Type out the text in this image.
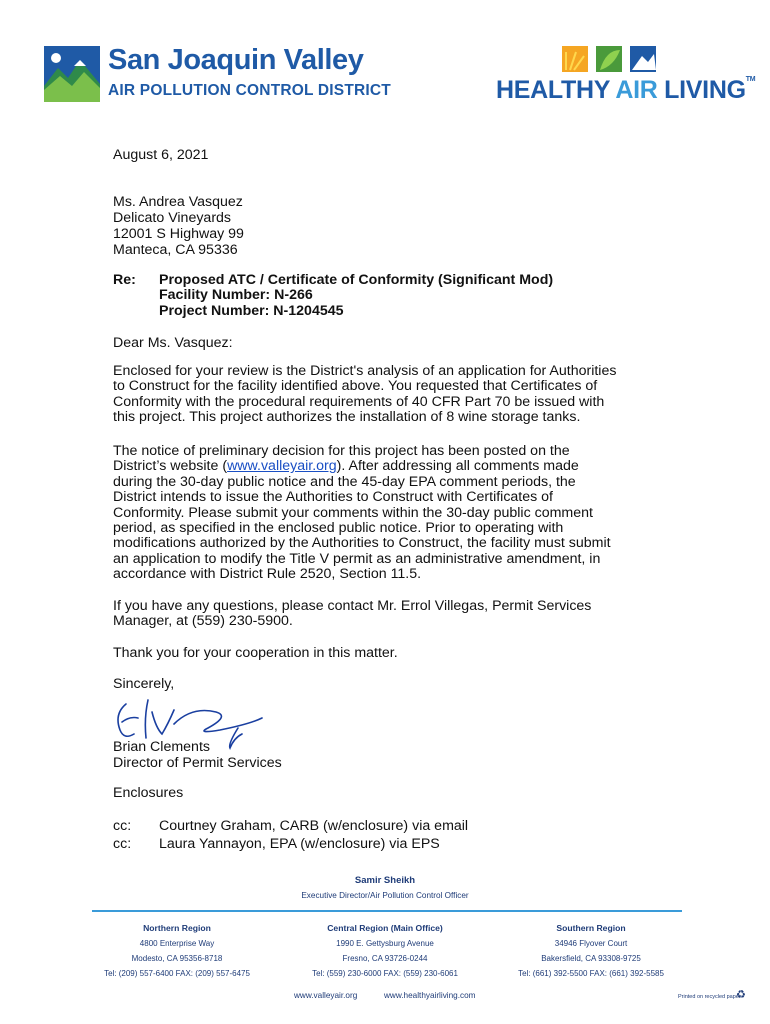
San Joaquin Valley
AIR POLLUTION CONTROL DISTRICT	HEALTHY AIR LIVING™
August 6, 2021
Ms. Andrea Vasquez
Delicato Vineyards
12001 S Highway 99
Manteca, CA 95336
Re: Proposed ATC / Certificate of Conformity (Significant Mod)
Facility Number: N-266
Project Number: N-1204545
Dear Ms. Vasquez:
Enclosed for your review is the District's analysis of an application for Authorities
to Construct for the facility identified above. You requested that Certificates of
Conformity with the procedural requirements of 40 CFR Part 70 be issued with
this project. This project authorizes the installation of 8 wine storage tanks.
The notice of preliminary decision for this project has been posted on the
District’s website (www.valleyair.org). After addressing all comments made
during the 30-day public notice and the 45-day EPA comment periods, the
District intends to issue the Authorities to Construct with Certificates of
Conformity. Please submit your comments within the 30-day public comment
period, as specified in the enclosed public notice. Prior to operating with
modifications authorized by the Authorities to Construct, the facility must submit
an application to modify the Title V permit as an administrative amendment, in
accordance with District Rule 2520, Section 11.5.
If you have any questions, please contact Mr. Errol Villegas, Permit Services
Manager, at (559) 230-5900.
Thank you for your cooperation in this matter.
Sincerely,
Brian Clements
Director of Permit Services
Enclosures
cc: Courtney Graham, CARB (w/enclosure) via email
cc: Laura Yannayon, EPA (w/enclosure) via EPS
Samir Sheikh
Executive Director/Air Pollution Control Officer
Northern Region
4800 Enterprise Way
Modesto, CA 95356-8718
Tel: (209) 557-6400 FAX: (209) 557-6475
Central Region (Main Office)
1990 E. Gettysburg Avenue
Fresno, CA 93726-0244
Tel: (559) 230-6000 FAX: (559) 230-6061
Southern Region
34946 Flyover Court
Bakersfield, CA 93308-9725
Tel: (661) 392-5500 FAX: (661) 392-5585
www.valleyair.org	www.healthyairliving.com	Printed on recycled paper.
♻
